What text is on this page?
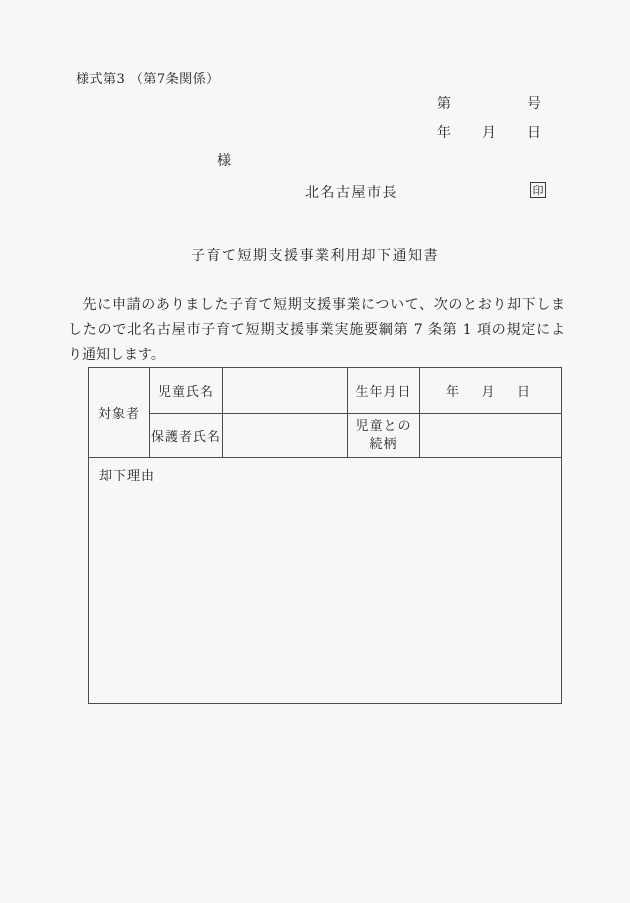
様式第3 （第7条関係）
第	号
年 月 日
様
北名古屋市長	印
子育て短期支援事業利用却下通知書
　先に申請のありました子育て短期支援事業について、次のとおり却下しま
したので北名古屋市子育て短期支援事業実施要綱第 7 条第 1 項の規定によ
り通知します。
対象者	児童氏名		生年月日	年 月 日

	保護者氏名		児童との
続柄	

却下理由				
